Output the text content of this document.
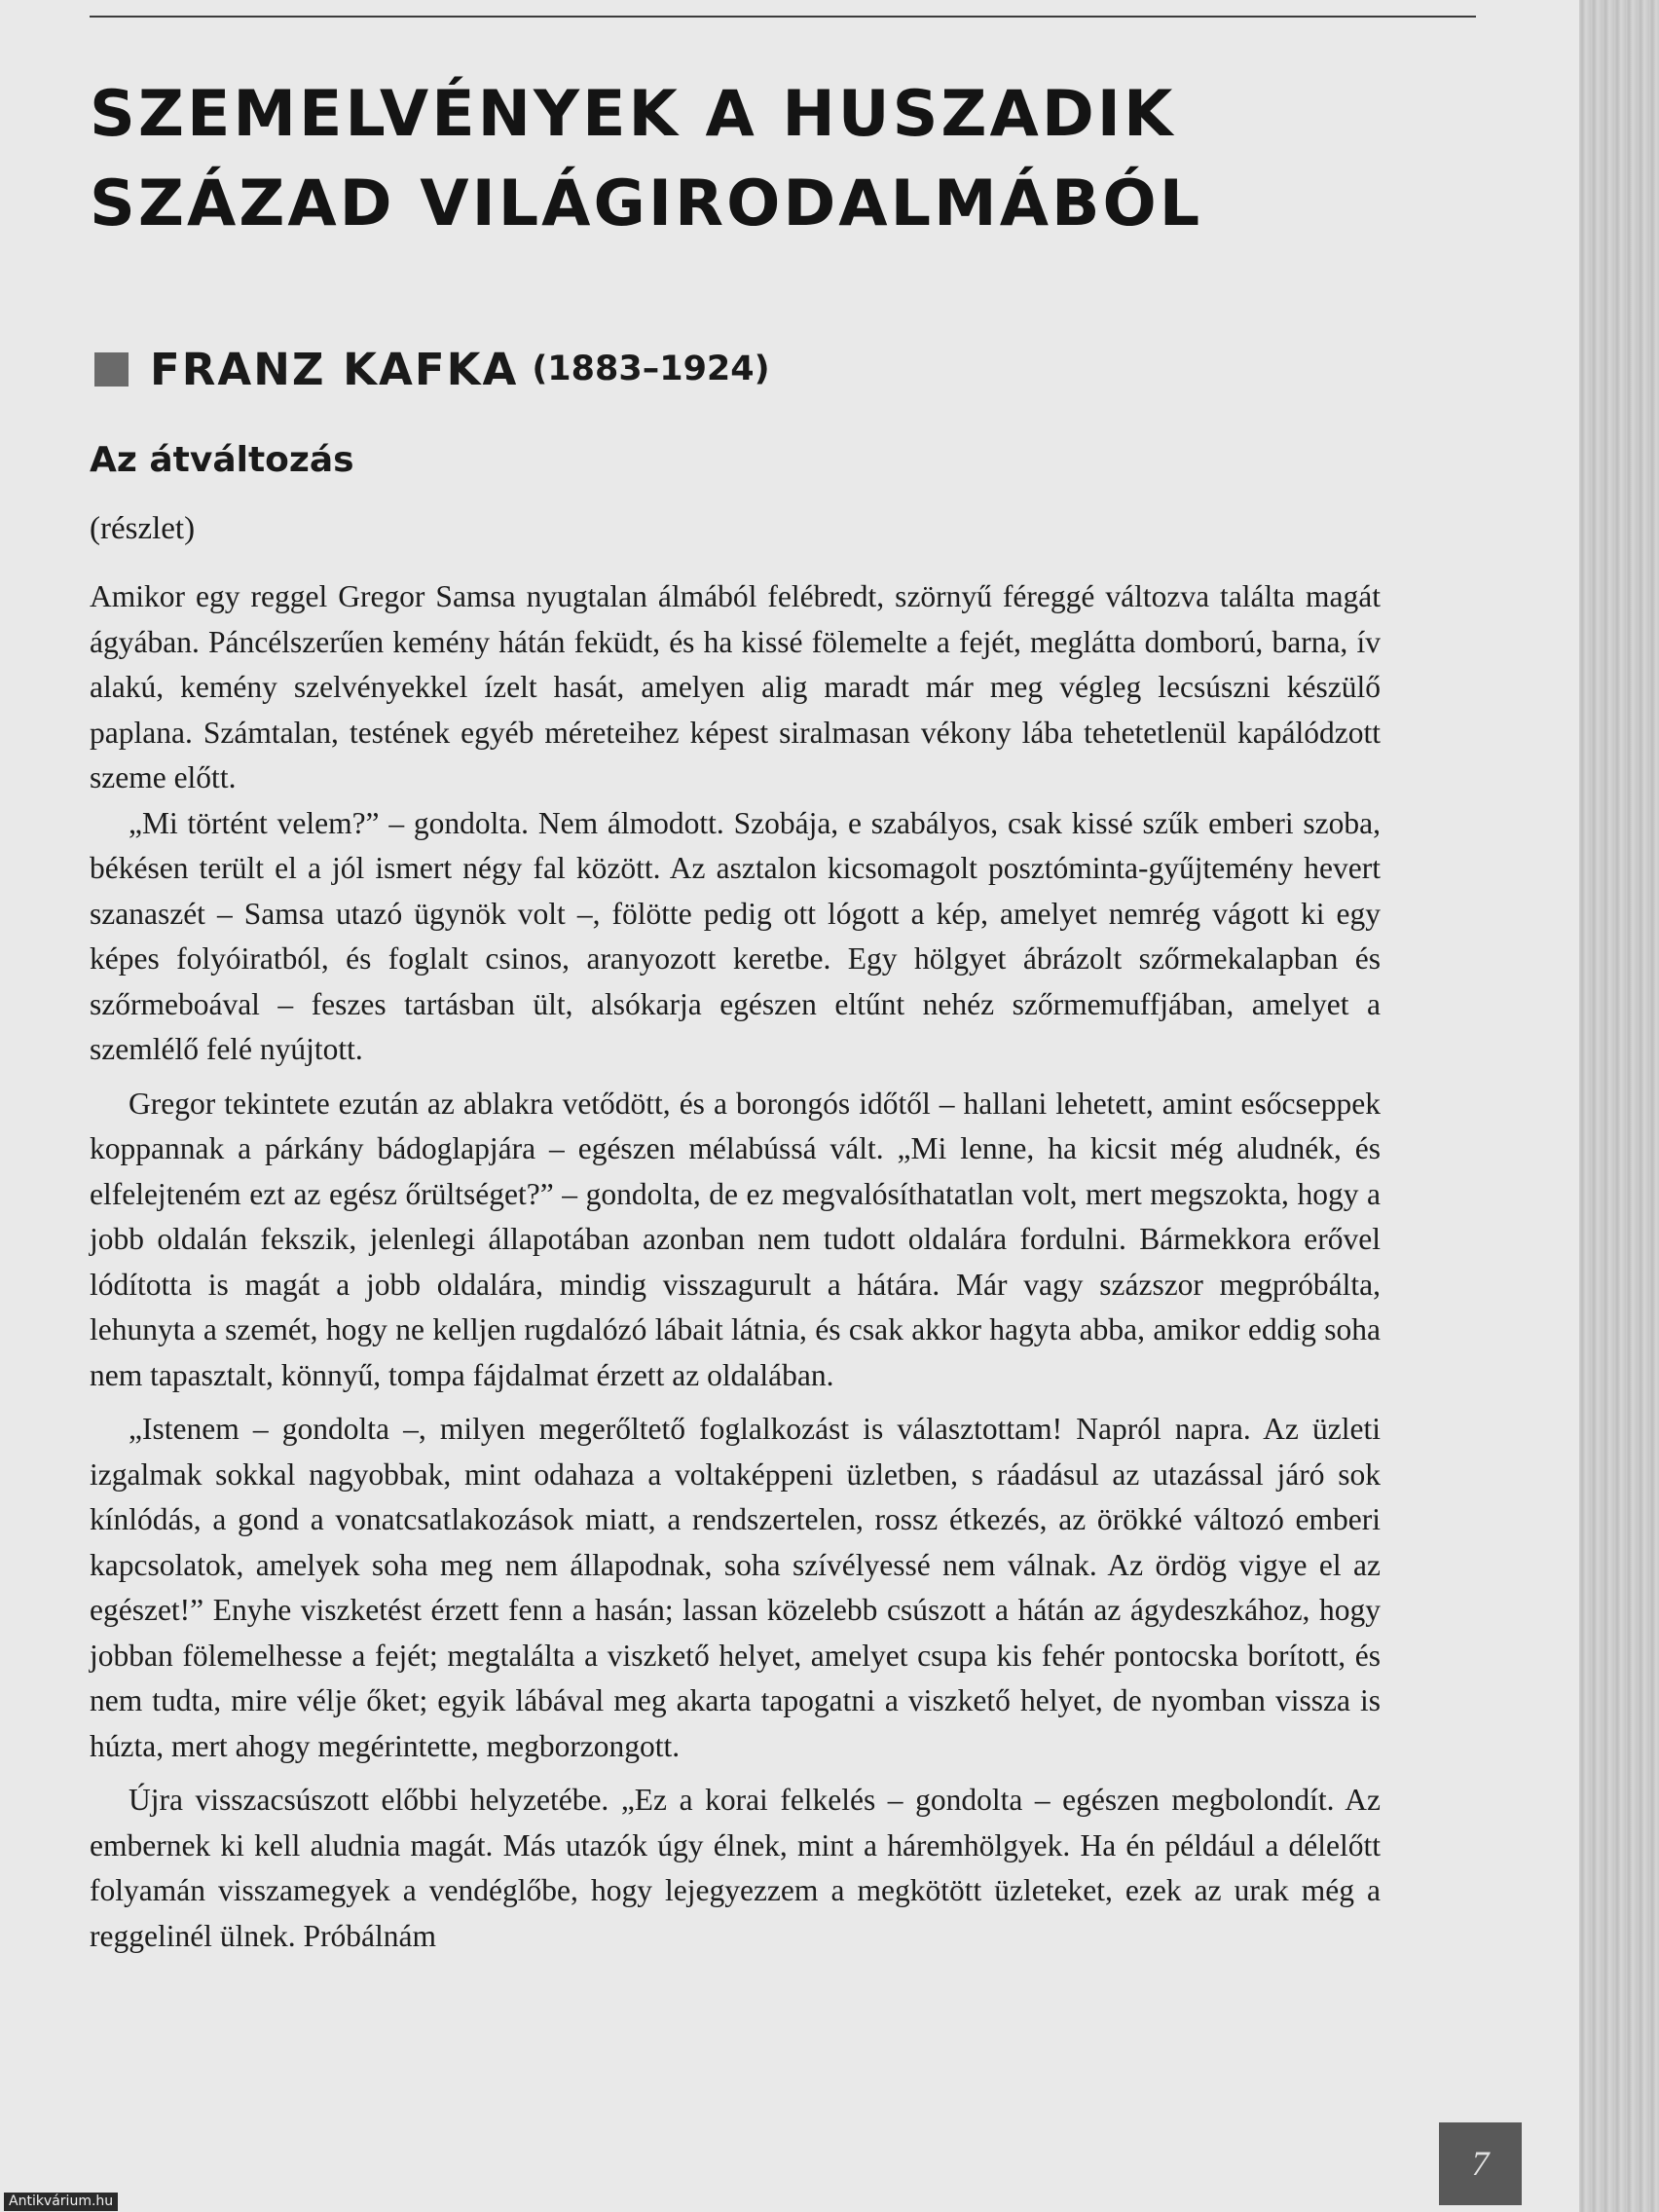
SZEMELVÉNYEK A HUSZADIK
SZÁZAD VILÁGIRODALMÁBÓL
FRANZ KAFKA (1883–1924)
Az átváltozás
(részlet)

Amikor egy reggel Gregor Samsa nyugtalan álmából felébredt, szörnyű féreggé változva találta magát ágyában. Páncélszerűen kemény hátán feküdt, és ha kissé fölemelte a fejét, meglátta domború, barna, ív alakú, kemény szelvényekkel ízelt hasát, amelyen alig maradt már meg végleg lecsúszni készülő paplana. Számtalan, testének egyéb méreteihez képest siralmasan vékony lába tehetetlenül kapálódzott szeme előtt.

„Mi történt velem?” – gondolta. Nem álmodott. Szobája, e szabályos, csak kissé szűk emberi szoba, békésen terült el a jól ismert négy fal között. Az asztalon kicsomagolt posztóminta-gyűjtemény hevert szanaszét – Samsa utazó ügynök volt –, fölötte pedig ott lógott a kép, amelyet nemrég vágott ki egy képes folyóiratból, és foglalt csinos, aranyozott keretbe. Egy hölgyet ábrázolt szőrmekalapban és szőrmeboával – feszes tartásban ült, alsókarja egészen eltűnt nehéz szőrmemuffjában, amelyet a szemlélő felé nyújtott.

Gregor tekintete ezután az ablakra vetődött, és a borongós időtől – hallani lehetett, amint esőcseppek koppannak a párkány bádoglapjára – egészen mélabússá vált. „Mi lenne, ha kicsit még aludnék, és elfelejteném ezt az egész őrültséget?” – gondolta, de ez megvalósíthatatlan volt, mert megszokta, hogy a jobb oldalán fekszik, jelenlegi állapotában azonban nem tudott oldalára fordulni. Bármekkora erővel lódította is magát a jobb oldalára, mindig visszagurult a hátára. Már vagy százszor megpróbálta, lehunyta a szemét, hogy ne kelljen rugdalózó lábait látnia, és csak akkor hagyta abba, amikor eddig soha nem tapasztalt, könnyű, tompa fájdalmat érzett az oldalában.

„Istenem – gondolta –, milyen megerőltető foglalkozást is választottam! Napról napra. Az üzleti izgalmak sokkal nagyobbak, mint odahaza a voltaképpeni üzletben, s ráadásul az utazással járó sok kínlódás, a gond a vonatcsatlakozások miatt, a rendszertelen, rossz étkezés, az örökké változó emberi kapcsolatok, amelyek soha meg nem állapodnak, soha szívélyessé nem válnak. Az ördög vigye el az egészet!” Enyhe viszketést érzett fenn a hasán; lassan közelebb csúszott a hátán az ágydeszkához, hogy jobban fölemelhesse a fejét; megtalálta a viszkető helyet, amelyet csupa kis fehér pontocska borított, és nem tudta, mire vélje őket; egyik lábával meg akarta tapogatni a viszkető helyet, de nyomban vissza is húzta, mert ahogy megérintette, megborzongott.

Újra visszacsúszott előbbi helyzetébe. „Ez a korai felkelés – gondolta – egészen megbolondít. Az embernek ki kell aludnia magát. Más utazók úgy élnek, mint a háremhölgyek. Ha én például a délelőtt folyamán visszamegyek a vendéglőbe, hogy lejegyezzem a megkötött üzleteket, ezek az urak még a reggelinél ülnek. Próbálnám

7
Antikvárium.hu
